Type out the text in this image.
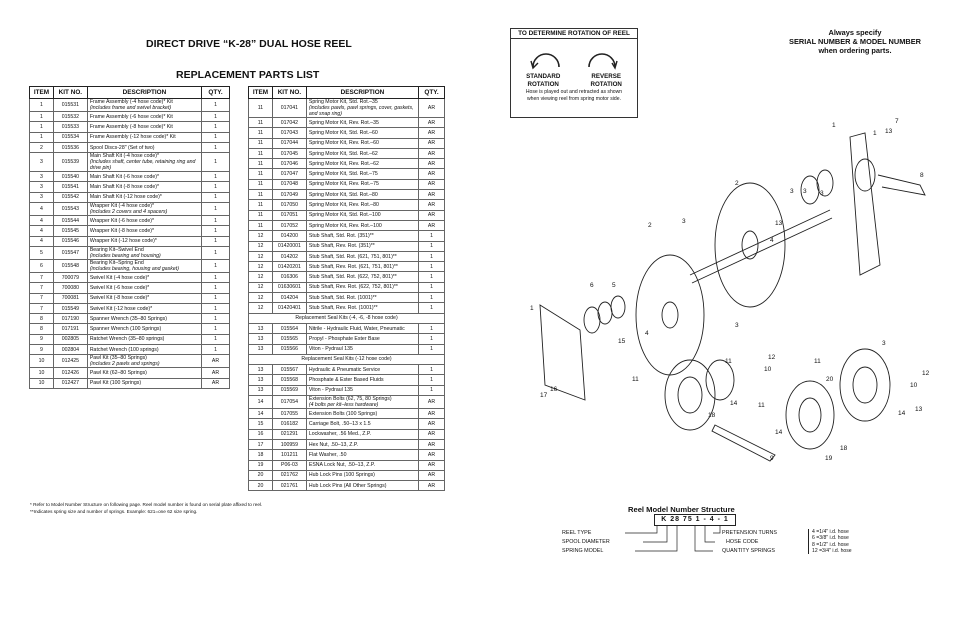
DIRECT DRIVE “K-28” DUAL HOSE REEL
REPLACEMENT PARTS LIST
ITEM	KIT NO.	DESCRIPTION	QTY.
1	015531	Frame Assembly (-4 hose code)* Kit
(includes frame and swivel bracket)	1
1	015532	Frame Assembly (-6 hose code)* Kit	1
1	015533	Frame Assembly (-8 hose code)* Kit	1
1	015534	Frame Assembly (-12 hose code)* Kit	1
2	015536	Spool Discs-28" (Set of two)	1
3	015539	Main Shaft Kit (-4 hose code)*
(Includes shaft, center tube, retaining ring and drive pin)	1
3	015540	Main Shaft Kit (-6 hose code)*	1
3	015541	Main Shaft Kit (-8 hose code)*	1
3	015542	Main Shaft Kit (-12 hose code)*	1
4	015543	Wrapper Kit (-4 hose code)*
(includes 2 covers and 4 spacers)	1
4	015544	Wrapper Kit (-6 hose code)*	1
4	015545	Wrapper Kit (-8 hose code)*	1
4	015546	Wrapper Kit (-12 hose code)*	1
5	015547	Bearing Kit–Swivel End
(includes bearing and housing)	1
6	015548	Bearing Kit–Spring End
(includes bearing, housing and gasket)	1
7	700079	Swivel Kit (-4 hose code)*	1
7	700080	Swivel Kit (-6 hose code)*	1
7	700081	Swivel Kit (-8 hose code)*	1
7	015549	Swivel Kit (-12 hose code)*	1
8	017190	Spanner Wrench (35–80 Springs)	1
8	017191	Spanner Wrench (100 Springs)	1
9	002805	Ratchet Wrench (35–80 springs)	1
9	002804	Ratchet Wrench (100 springs)	1
10	012425	Pawl Kit (35–80 Springs)
(includes 2 pawls and springs)	AR
10	012426	Pawl Kit (62–80 Springs)	AR
10	012427	Pawl Kit (100 Springs)	AR
ITEM	KIT NO.	DESCRIPTION	QTY.
11	017041	Spring Motor Kit, Std. Rot.–35
(includes pawls, pawl springs, cover, gaskets, and snap ring)	AR
11	017042	Spring Motor Kit, Rev. Rot.–35	AR
11	017043	Spring Motor Kit, Std. Rot.–60	AR
11	017044	Spring Motor Kit, Rev. Rot.–60	AR
11	017045	Spring Motor Kit, Std. Rot.–62	AR
11	017046	Spring Motor Kit, Rev. Rot.–62	AR
11	017047	Spring Motor Kit, Std. Rot.–75	AR
11	017048	Spring Motor Kit, Rev. Rot.–75	AR
11	017049	Spring Motor Kit, Std. Rot.–80	AR
11	017050	Spring Motor Kit, Rev. Rot.–80	AR
11	017051	Spring Motor Kit, Std. Rot.–100	AR
11	017052	Spring Motor Kit, Rev. Rot.–100	AR
12	014200	Stub Shaft, Std. Rot. (351)**	1
12	01420001	Stub Shaft, Rev. Rot. (351)**	1
12	014202	Stub Shaft, Std. Rot. (621, 751, 801)**	1
12	01420201	Stub Shaft, Rev. Rot. (621, 751, 801)**	1
12	016306	Stub Shaft, Std. Rot. (622, 752, 801)**	1
12	01630601	Stub Shaft, Rev. Rot. (622, 752, 801)**	1
12	014204	Stub Shaft, Std. Rot. (1001)**	1
12	01420401	Stub Shaft, Rev. Rot. (1001)**	1
Replacement Seal Kits (-4, -6, -8 hose code)			
13	015564	Nitrile - Hydraulic Fluid, Water, Pneumatic	1
13	015565	Propyl - Phosphate Ester Base	1
13	015566	Viton - Pydraul 135	1
Replacement Seal Kits (-12 hose code)			
13	015567	Hydraulic & Pneumatic Service	1
13	015568	Phosphate & Ester Based Fluids	1
13	015569	Viton - Pydraul 135	1
14	017054	Extension Bolts (62, 75, 80 Springs)
(4 bolts per kit–less hardware)	AR
14	017055	Extension Bolts (100 Springs)	AR
15	016182	Carriage Bolt, .50–13 x 1.5	AR
16	021291	Lockwasher, .56 Med., Z.P.	AR
17	100959	Hex Nut, .50–13, Z.P.	AR
18	101211	Flat Washer, .50	AR
19	P06-03	ESNA Lock Nut, .50–13, Z.P.	AR
20	021762	Hub Lock Pins (100 Springs)	AR
20	021761	Hub Lock Pins (All Other Springs)	AR
* Refer to Model Number Structure on following page. Reel model number is found on serial plate affixed to reel.
**Indicates spring size and number of springs. Example: 621=one 62 size spring.
TO DETERMINE ROTATION OF REEL
STANDARD
ROTATION
REVERSE
ROTATION
Hose is played out and retracted as shown
when viewing reel from spring motor side.
Always specify
SERIAL NUMBER & MODEL NUMBER
when ordering parts.
1
1 13
7
8
3 3
2
4
13
3
2
3
6	5
1
3
15
4
12
10
11
16
17
11
18
14	11
14
9
20
11
3
12
10
14
19
18
13
Reel Model Number Structure
K 28 75 1 - 4 - 1
REEL TYPE
SPOOL DIAMETER
SPRING MODEL
PRETENSION TURNS
HOSE CODE
QUANTITY SPRINGS
4 =1/4" i.d. hose
6 =3/8" i.d. hose
8 =1/2" i.d. hose
12 =3/4" i.d. hose
